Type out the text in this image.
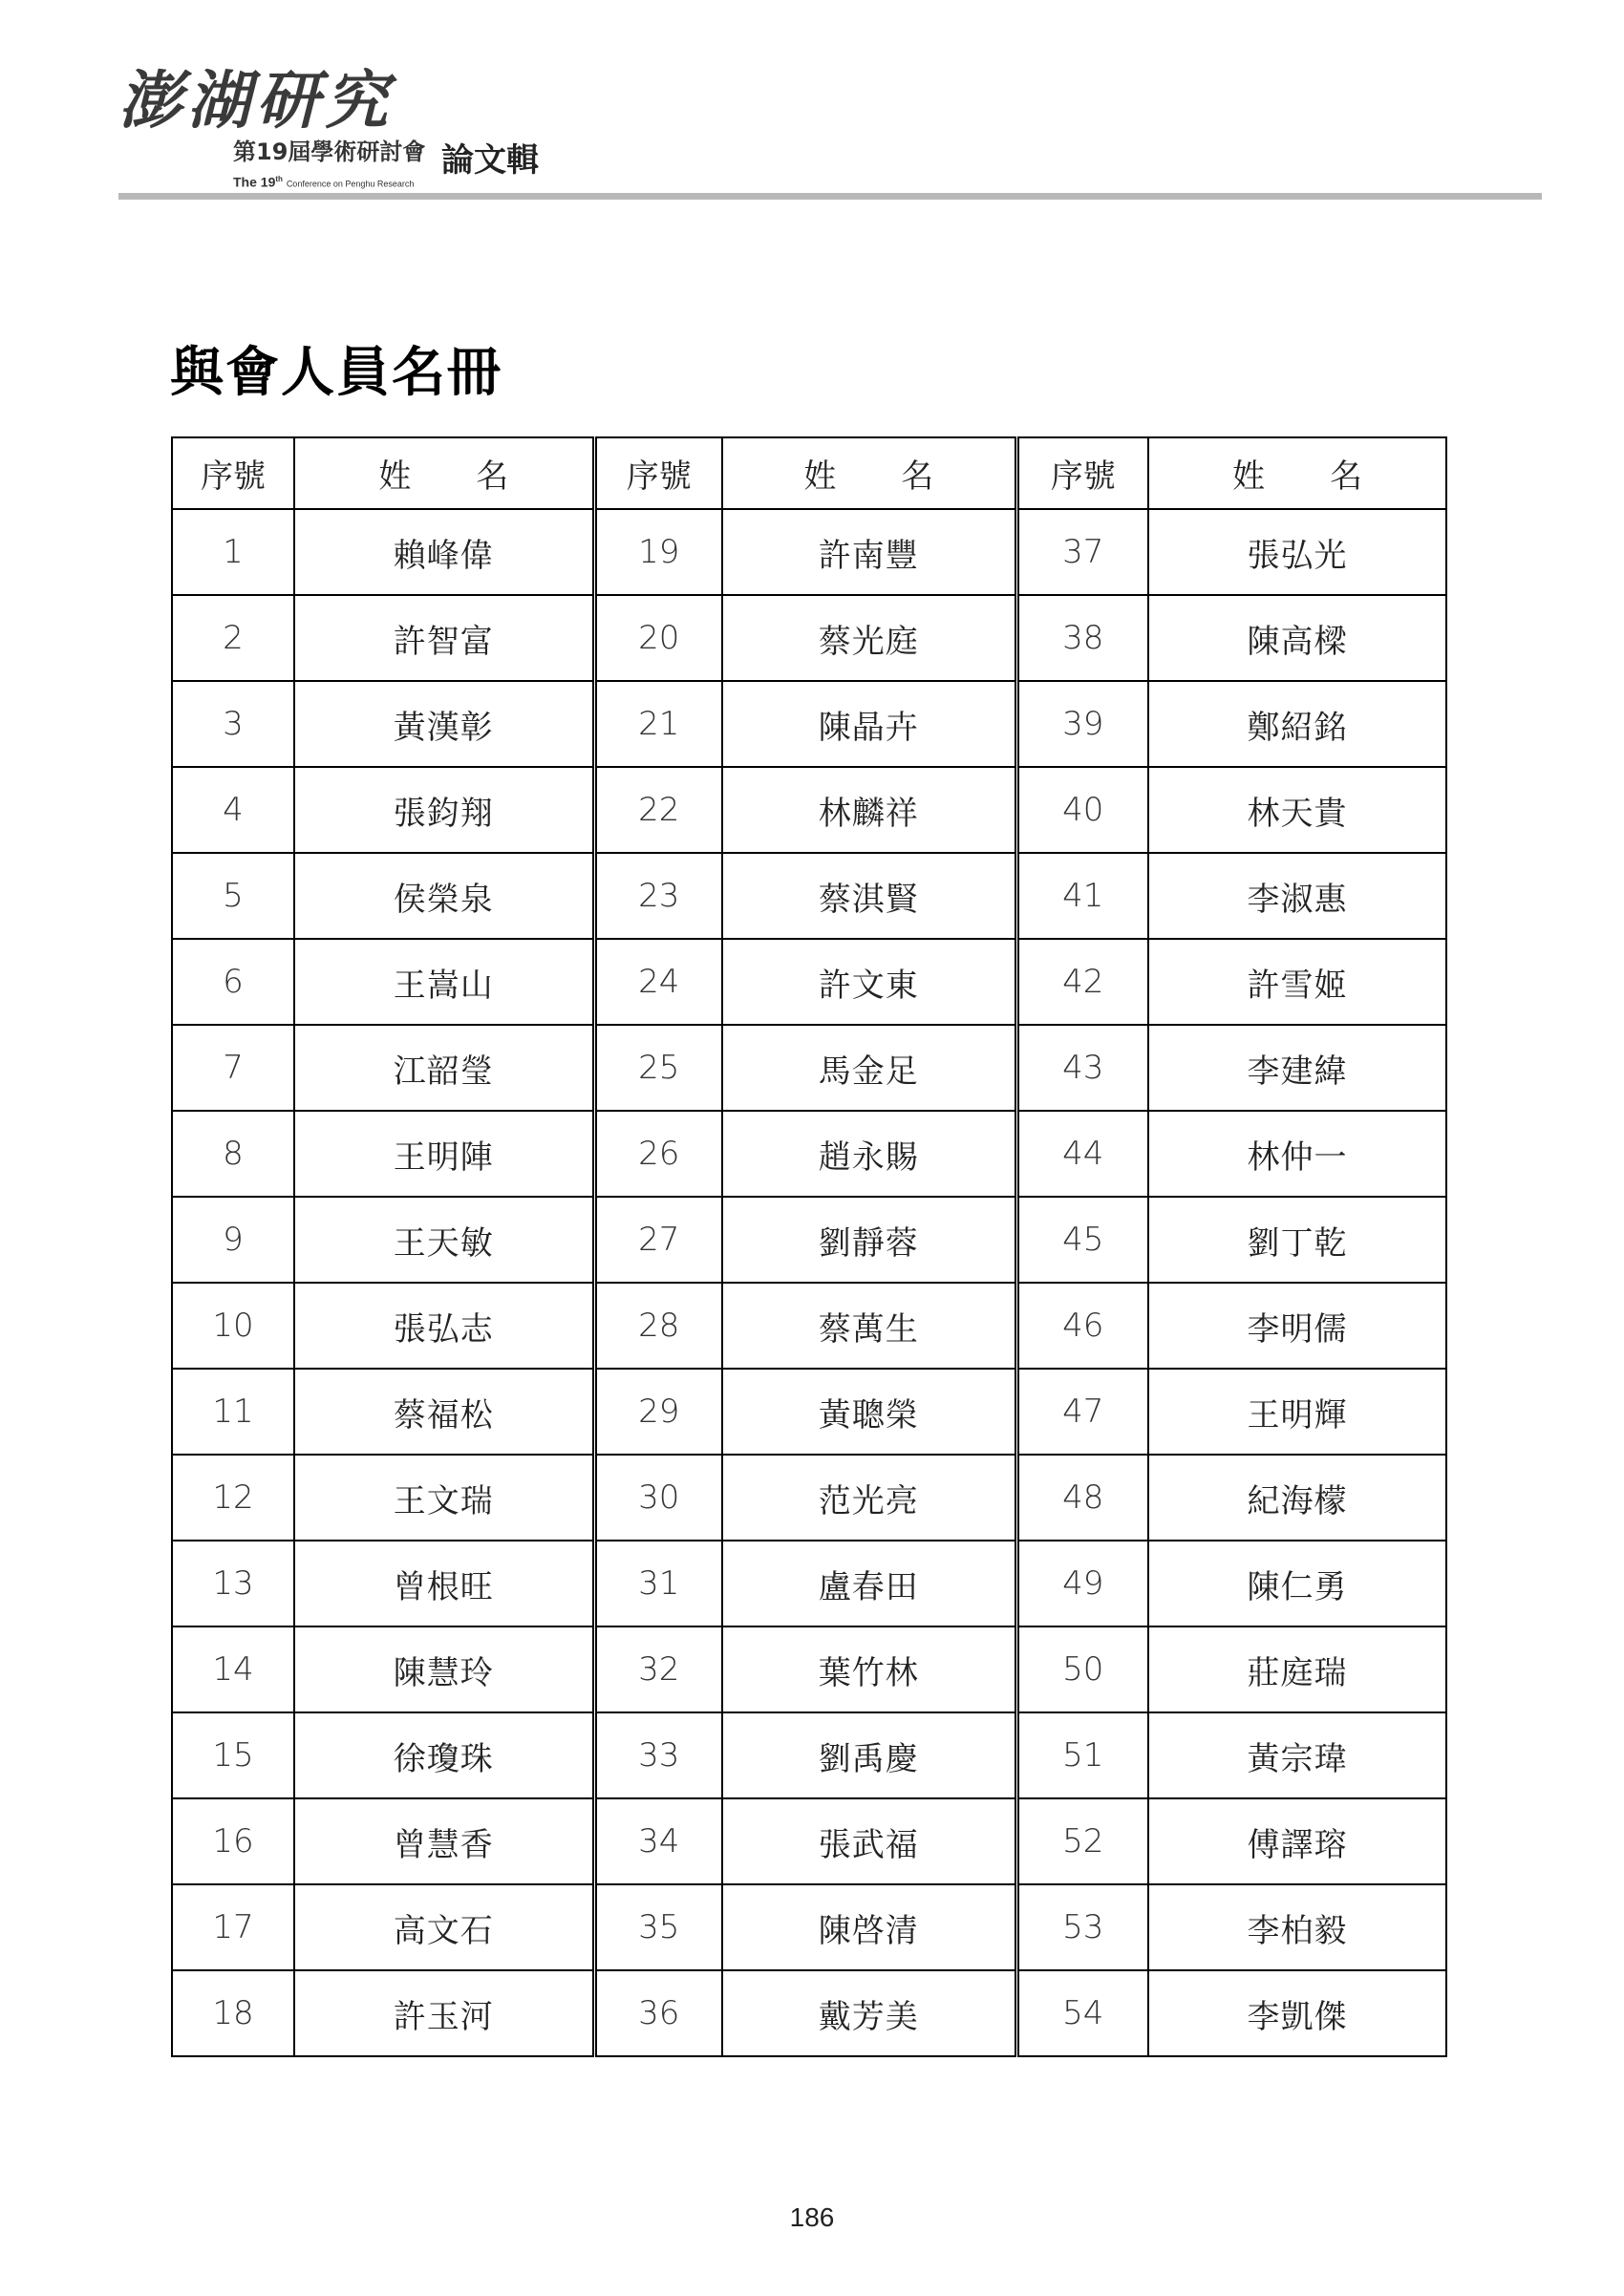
澎湖研究
第19屆學術研討會
The 19th Conference on Penghu Research
論文輯
與會人員名冊
序號	姓　　名	序號	姓　　名	序號	姓　　名
1	賴峰偉	19	許南豐	37	張弘光
2	許智富	20	蔡光庭	38	陳高樑
3	黃漢彰	21	陳晶卉	39	鄭紹銘
4	張鈞翔	22	林麟祥	40	林天貴
5	侯榮泉	23	蔡淇賢	41	李淑惠
6	王嵩山	24	許文東	42	許雪姬
7	江韶瑩	25	馬金足	43	李建緯
8	王明陣	26	趙永賜	44	林仲一
9	王天敏	27	劉靜蓉	45	劉丁乾
10	張弘志	28	蔡萬生	46	李明儒
11	蔡福松	29	黃聰榮	47	王明輝
12	王文瑞	30	范光亮	48	紀海檬
13	曾根旺	31	盧春田	49	陳仁勇
14	陳慧玲	32	葉竹林	50	莊庭瑞
15	徐瓊珠	33	劉禹慶	51	黃宗瑋
16	曾慧香	34	張武福	52	傅譯瑢
17	高文石	35	陳啓清	53	李柏毅
18	許玉河	36	戴芳美	54	李凱傑
186
